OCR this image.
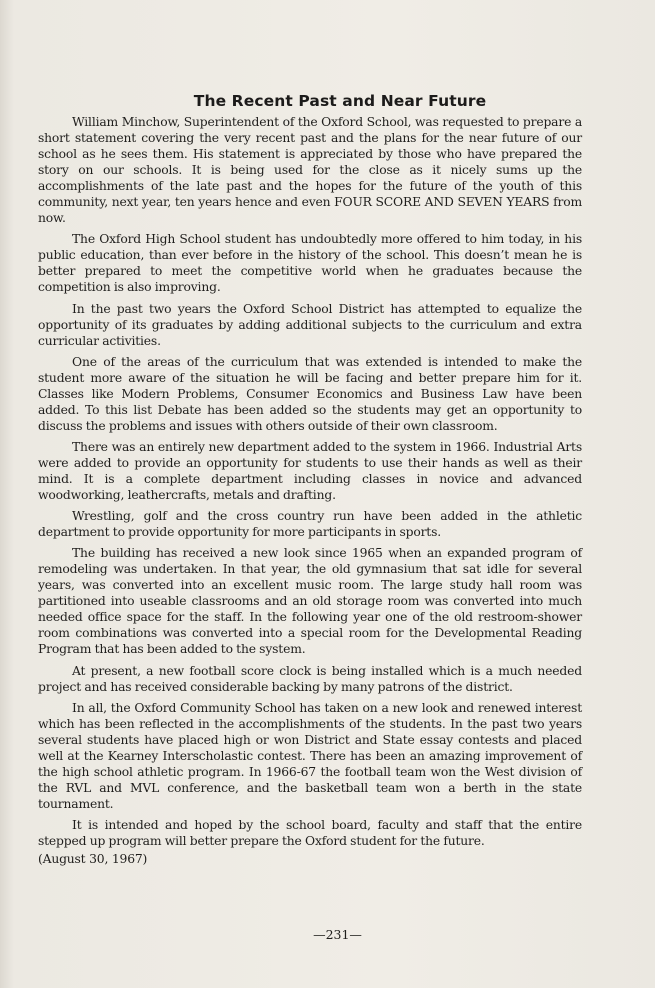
The Recent Past and Near Future

William Minchow, Superintendent of the Oxford School, was requested to prepare a short statement covering the very recent past and the plans for the near future of our school as he sees them. His statement is appreciated by those who have prepared the story on our schools. It is being used for the close as it nicely sums up the accomplishments of the late past and the hopes for the future of the youth of this community, next year, ten years hence and even FOUR SCORE AND SEVEN YEARS from now.

The Oxford High School student has undoubtedly more offered to him today, in his public education, than ever before in the history of the school. This doesn’t mean he is better prepared to meet the competitive world when he graduates because the competition is also improving.

In the past two years the Oxford School District has attempted to equalize the opportunity of its graduates by adding additional subjects to the curriculum and extra curricular activities.

One of the areas of the curriculum that was extended is intended to make the student more aware of the situation he will be facing and better prepare him for it. Classes like Modern Problems, Consumer Economics and Business Law have been added. To this list Debate has been added so the students may get an opportunity to discuss the problems and issues with others outside of their own classroom.

There was an entirely new department added to the system in 1966. Industrial Arts were added to provide an opportunity for students to use their hands as well as their mind. It is a complete department including classes in novice and advanced woodworking, leathercrafts, metals and drafting.

Wrestling, golf and the cross country run have been added in the athletic department to provide opportunity for more participants in sports.

The building has received a new look since 1965 when an expanded program of remodeling was undertaken. In that year, the old gymnasium that sat idle for several years, was converted into an excellent music room. The large study hall room was partitioned into useable classrooms and an old storage room was converted into much needed office space for the staff. In the following year one of the old restroom-shower room combinations was converted into a special room for the Developmental Reading Program that has been added to the system.

At present, a new football score clock is being installed which is a much needed project and has received considerable backing by many patrons of the district.

In all, the Oxford Community School has taken on a new look and renewed interest which has been reflected in the accomplishments of the students. In the past two years several students have placed high or won District and State essay contests and placed well at the Kearney Interscholastic contest. There has been an amazing improvement of the high school athletic program. In 1966-67 the football team won the West division of the RVL and MVL conference, and the basketball team won a berth in the state tournament.

It is intended and hoped by the school board, faculty and staff that the entire stepped up program will better prepare the Oxford student for the future.

(August 30, 1967)

—231—
